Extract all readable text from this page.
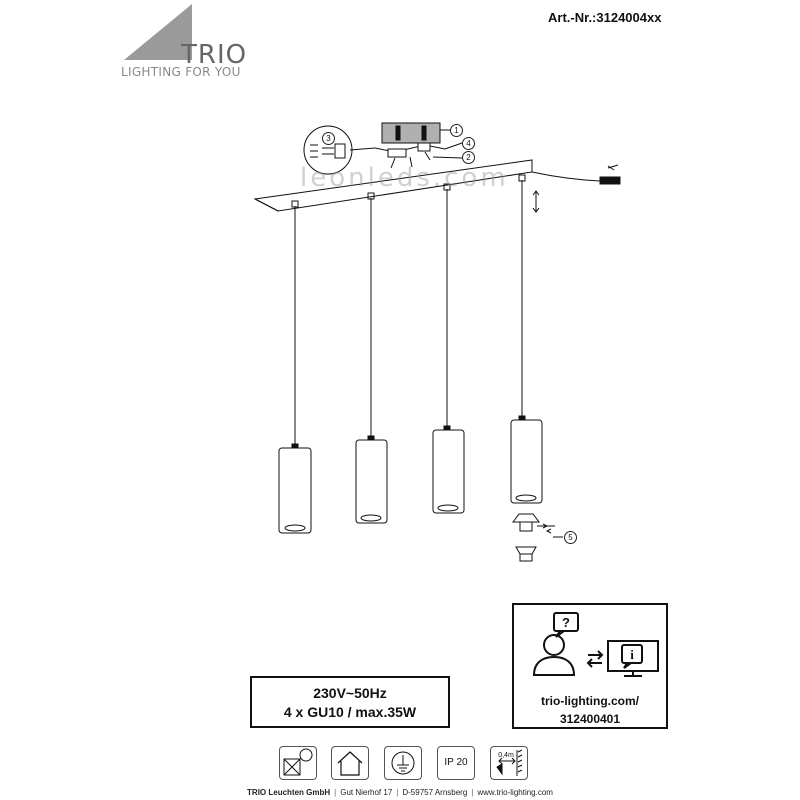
TRIO
LIGHTING FOR YOU
Art.-Nr.:3124004xx
1
2
3
4
5
leonleds.com
230V~50Hz
4 x GU10 / max.35W
i
?
trio-lighting.com/
312400401
IP 20
0,4m
TRIO Leuchten GmbH | Gut Nierhof 17 | D-59757 Arnsberg | www.trio-lighting.com
